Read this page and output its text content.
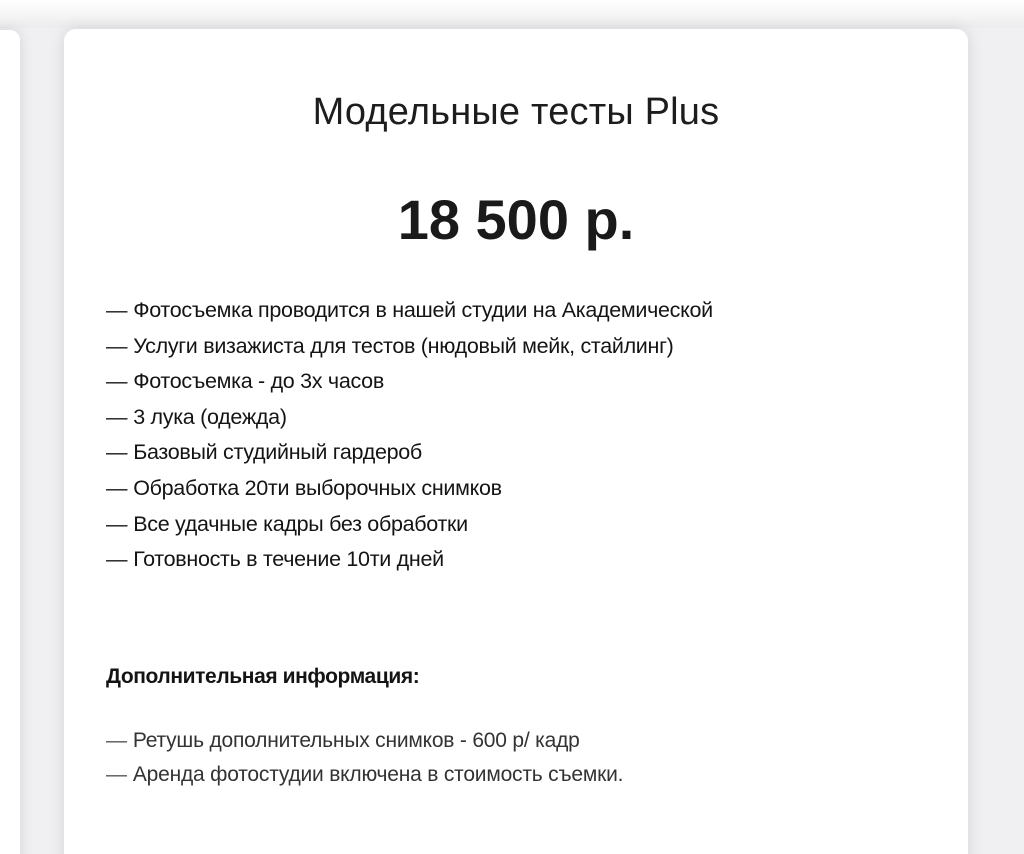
Модельные тесты Plus
18 500 р.
— Фотосъемка проводится в нашей студии на Академической
— Услуги визажиста для тестов (нюдовый мейк, стайлинг)
— Фотосъемка - до 3х часов
— 3 лука (одежда)
— Базовый студийный гардероб
— Обработка 20ти выборочных снимков
— Все удачные кадры без обработки
— Готовность в течение 10ти дней
Дополнительная информация:
— Ретушь дополнительных снимков - 600 р/ кадр
— Аренда фотостудии включена в стоимость съемки.
